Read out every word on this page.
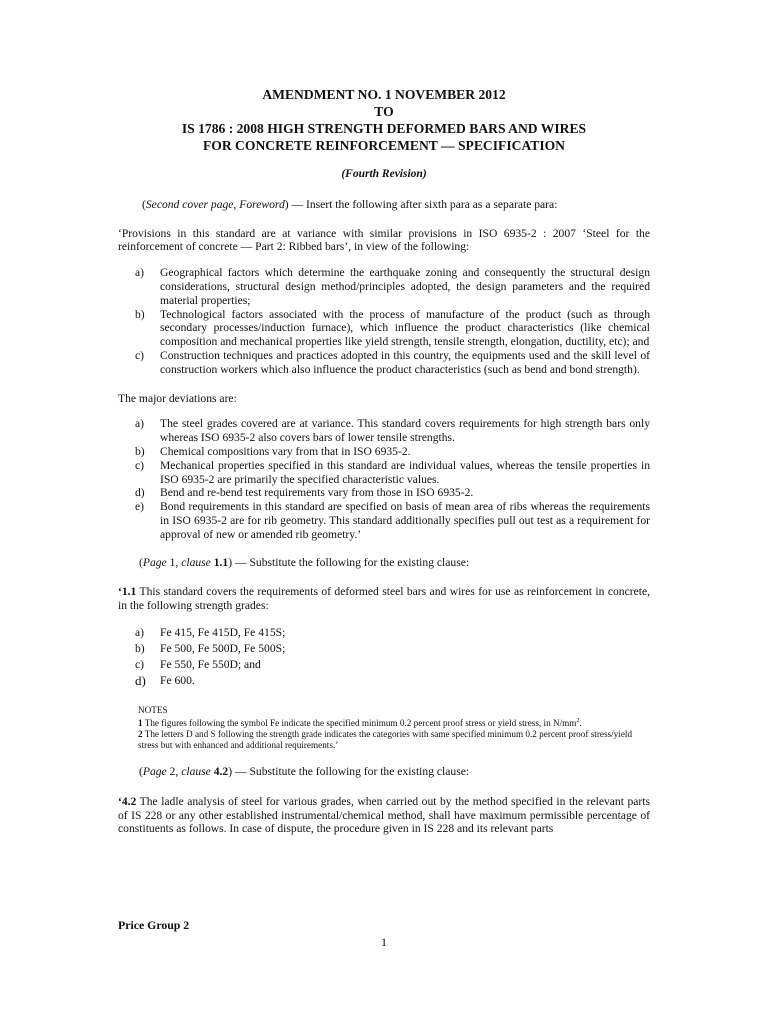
AMENDMENT NO. 1 NOVEMBER 2012

TO

IS 1786 : 2008 HIGH STRENGTH DEFORMED BARS AND WIRES

FOR CONCRETE REINFORCEMENT — SPECIFICATION

(Fourth Revision)

(Second cover page, Foreword) — Insert the following after sixth para as a separate para:

‘Provisions in this standard are at variance with similar provisions in ISO 6935-2 : 2007 ‘Steel for the reinforcement of concrete — Part 2: Ribbed bars’, in view of the following:

a) Geographical factors which determine the earthquake zoning and consequently the structural design considerations, structural design method/principles adopted, the design parameters and the required material properties;
b) Technological factors associated with the process of manufacture of the product (such as through secondary processes/induction furnace), which influence the product characteristics (like chemical composition and mechanical properties like yield strength, tensile strength, elongation, ductility, etc); and
c) Construction techniques and practices adopted in this country, the equipments used and the skill level of construction workers which also influence the product characteristics (such as bend and bond strength).

The major deviations are:

a) The steel grades covered are at variance. This standard covers requirements for high strength bars only whereas ISO 6935-2 also covers bars of lower tensile strengths.
b) Chemical compositions vary from that in ISO 6935-2.
c) Mechanical properties specified in this standard are individual values, whereas the tensile properties in ISO 6935-2 are primarily the specified characteristic values.
d) Bend and re-bend test requirements vary from those in ISO 6935-2.
e) Bond requirements in this standard are specified on basis of mean area of ribs whereas the requirements in ISO 6935-2 are for rib geometry. This standard additionally specifies pull out test as a requirement for approval of new or amended rib geometry.’

(Page 1, clause 1.1) — Substitute the following for the existing clause:

‘1.1 This standard covers the requirements of deformed steel bars and wires for use as reinforcement in concrete, in the following strength grades:

a) Fe 415, Fe 415D, Fe 415S;
b) Fe 500, Fe 500D, Fe 500S;
c) Fe 550, Fe 550D; and
d) Fe 600.

NOTES

1 The figures following the symbol Fe indicate the specified minimum 0.2 percent proof stress or yield stress, in $N/mm^2$.

2 The letters D and S following the strength grade indicates the categories with same specified minimum 0.2 percent proof stress/yield stress but with enhanced and additional requirements.’

(Page 2, clause 4.2) — Substitute the following for the existing clause:

‘4.2 The ladle analysis of steel for various grades, when carried out by the method specified in the relevant parts of IS 228 or any other established instrumental/chemical method, shall have maximum permissible percentage of constituents as follows. In case of dispute, the procedure given in IS 228 and its relevant parts

Price Group 2
1
